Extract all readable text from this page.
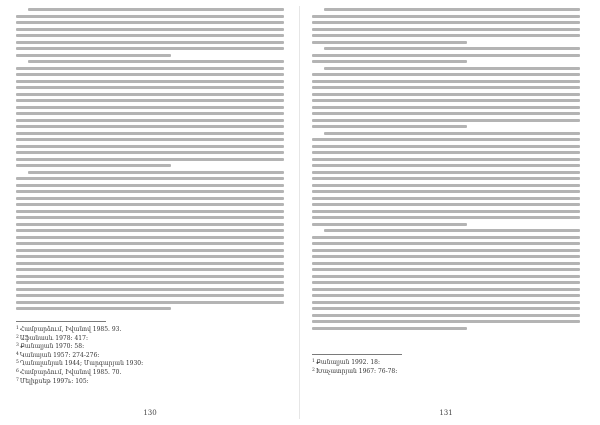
$^1$Համբարձում, Իվանով 1985. 93.
$^2$Աֆանասև 1978: 417:
$^3$Քանալյան 1970: 58:
$^4$Կանայան 1957: 274-276:
$^5$Ղանալանյան 1944; Մարգարյան 1930:
$^6$Համբարձում, Իվանով 1985. 70.
$^7$Մելիքսեթ 1997ь: 105:
130
$^1$Քանալյան 1992. 18:
$^2$Խաչատրյան 1967: 76-78:
131
